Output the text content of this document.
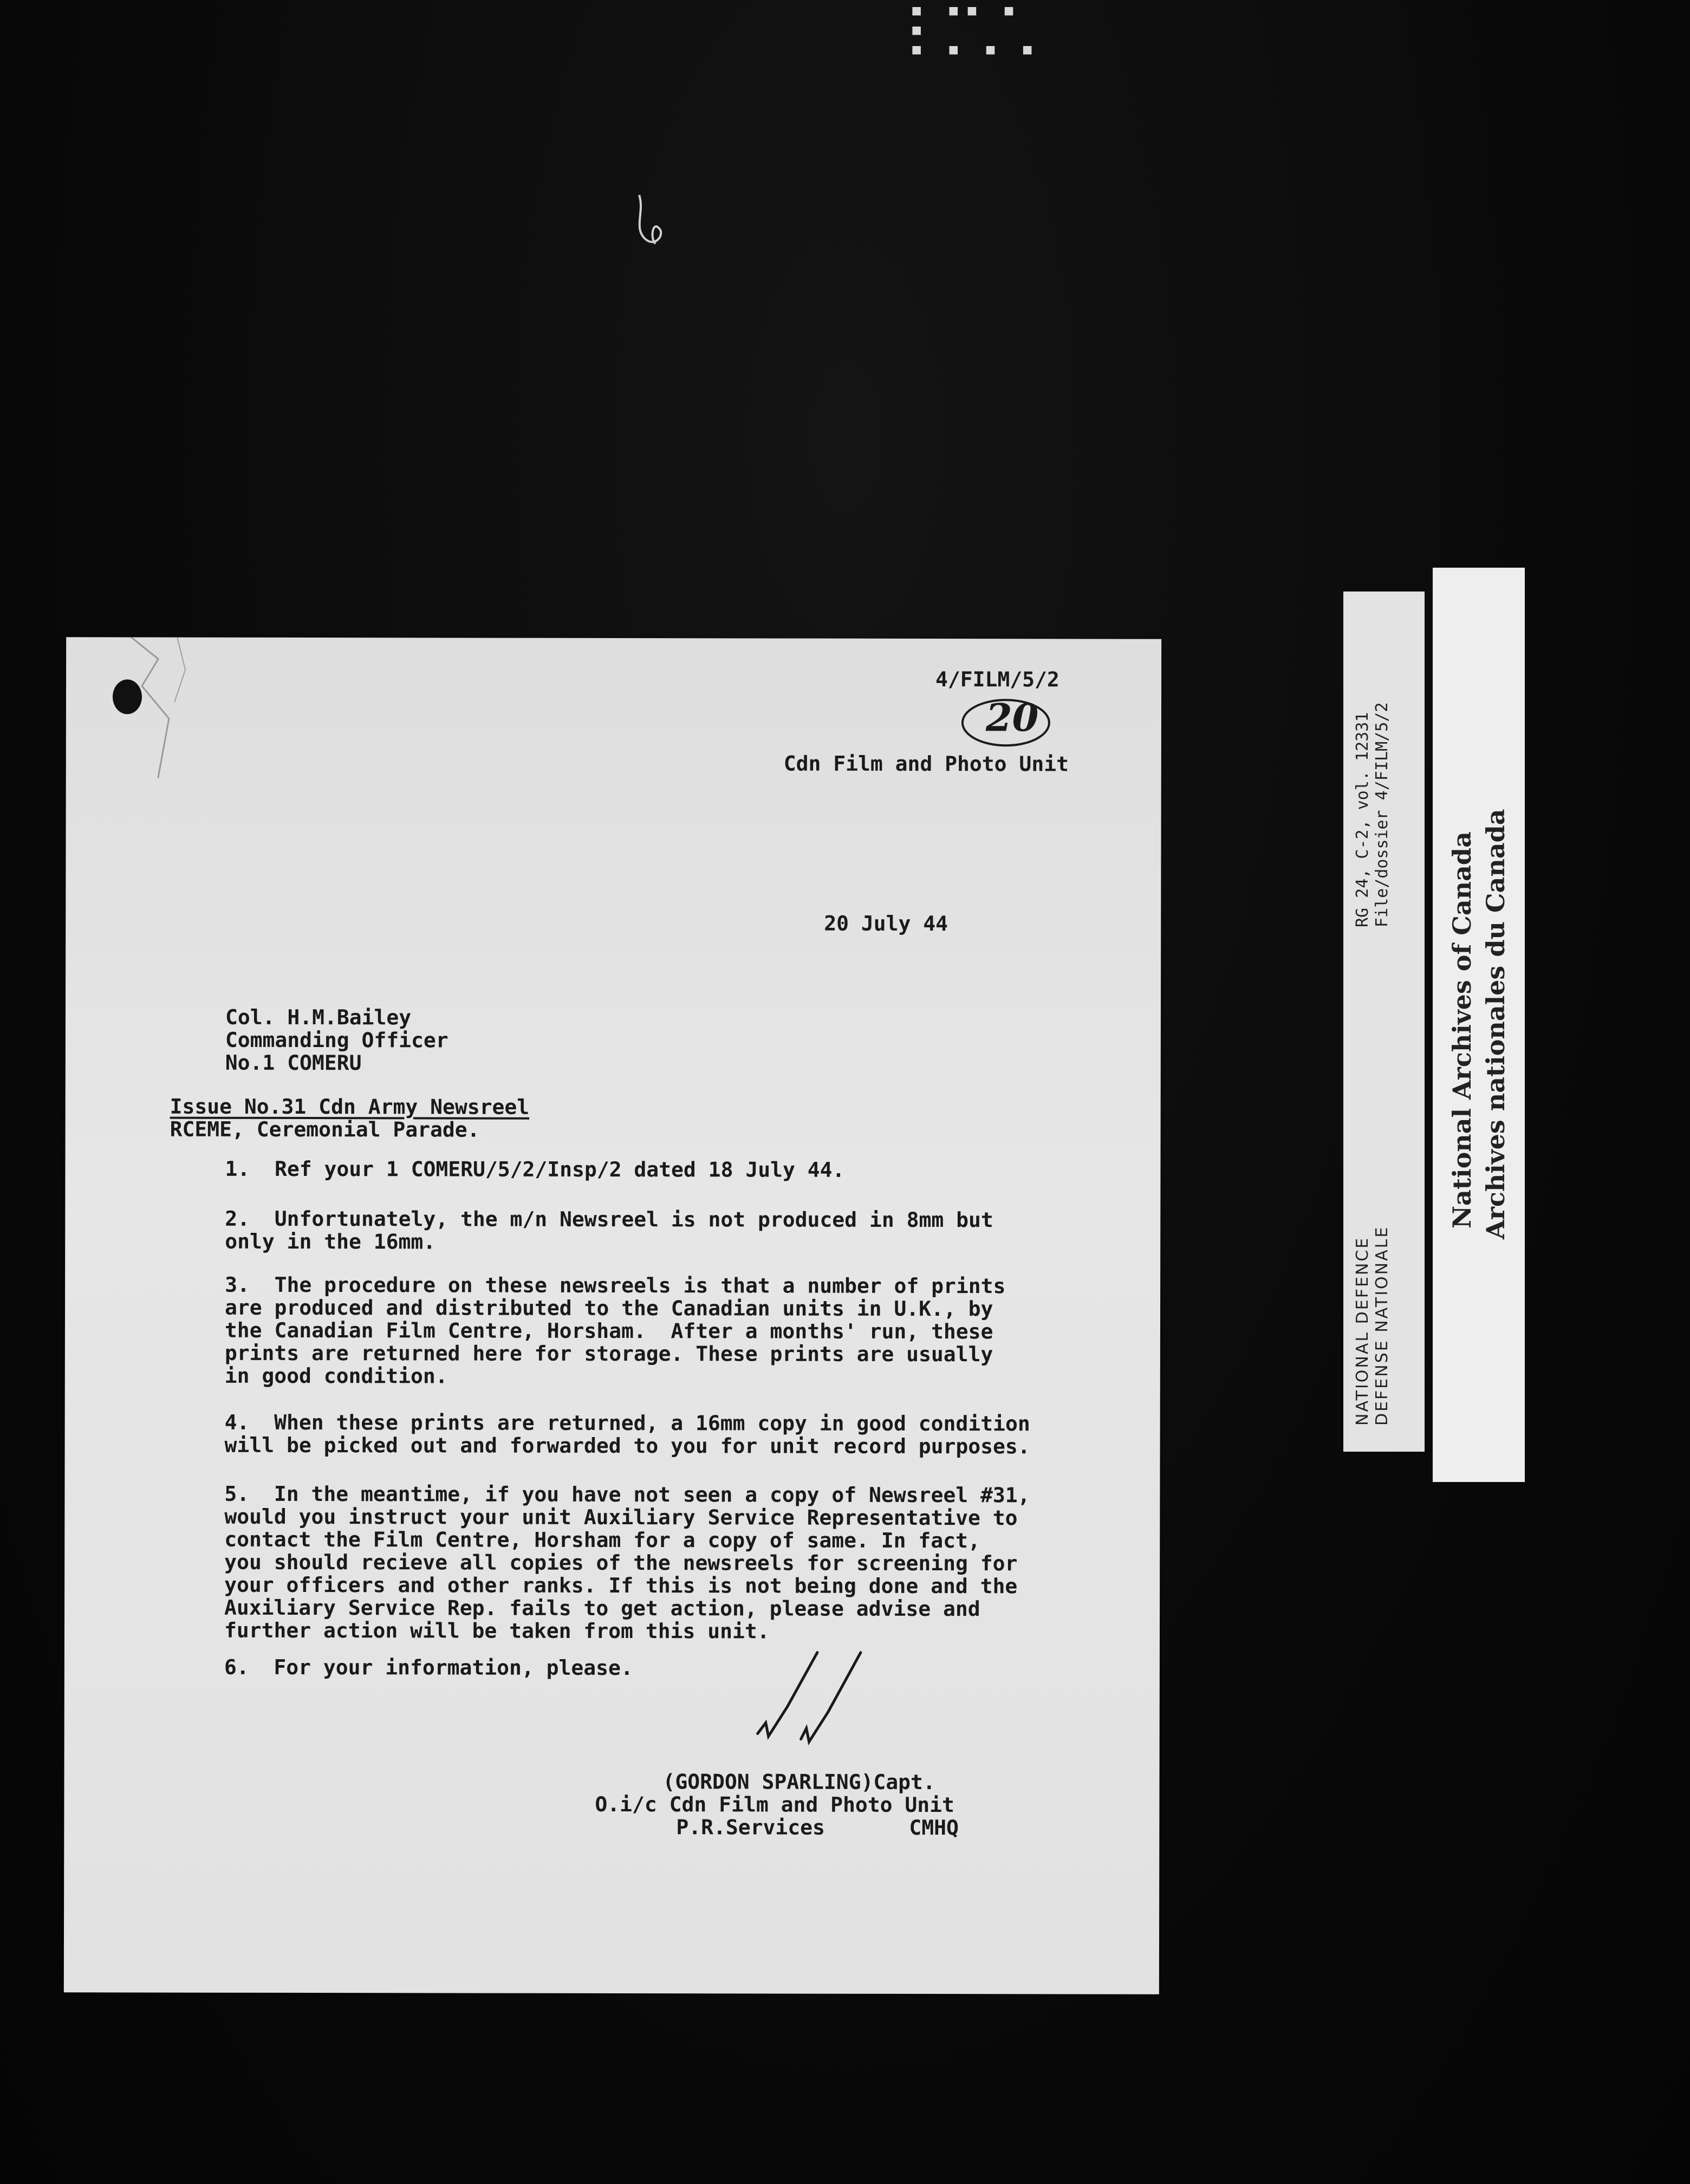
▪ ▪▪ ▪ ▪
▪ ▪ ▪ ▪
4/FILM/5/2
20
Cdn Film and Photo Unit
20 July 44
Col. H.M.Bailey
Commanding Officer
No.1 COMERU
Issue No.31 Cdn Army Newsreel
RCEME, Ceremonial Parade.
1.  Ref your 1 COMERU/5/2/Insp/2 dated 18 July 44.
2.  Unfortunately, the m/n Newsreel is not produced in 8mm but
only in the 16mm.
3.  The procedure on these newsreels is that a number of prints
are produced and distributed to the Canadian units in U.K., by
the Canadian Film Centre, Horsham.  After a months' run, these
prints are returned here for storage. These prints are usually
in good condition.
4.  When these prints are returned, a 16mm copy in good condition
will be picked out and forwarded to you for unit record purposes.
5.  In the meantime, if you have not seen a copy of Newsreel #31,
would you instruct your unit Auxiliary Service Representative to
contact the Film Centre, Horsham for a copy of same. In fact,
you should recieve all copies of the newsreels for screening for
your officers and other ranks. If this is not being done and the
Auxiliary Service Rep. fails to get action, please advise and
further action will be taken from this unit.
6.  For your information, please.
(GORDON SPARLING)Capt.
O.i/c Cdn Film and Photo Unit
P.R.Services	CMHQ
RG 24, C-2, vol. 12331 File/dossier 4/FILM/5/2
NATIONAL DEFENCE DEFENSE NATIONALE
National Archives of Canada Archives nationales du Canada
